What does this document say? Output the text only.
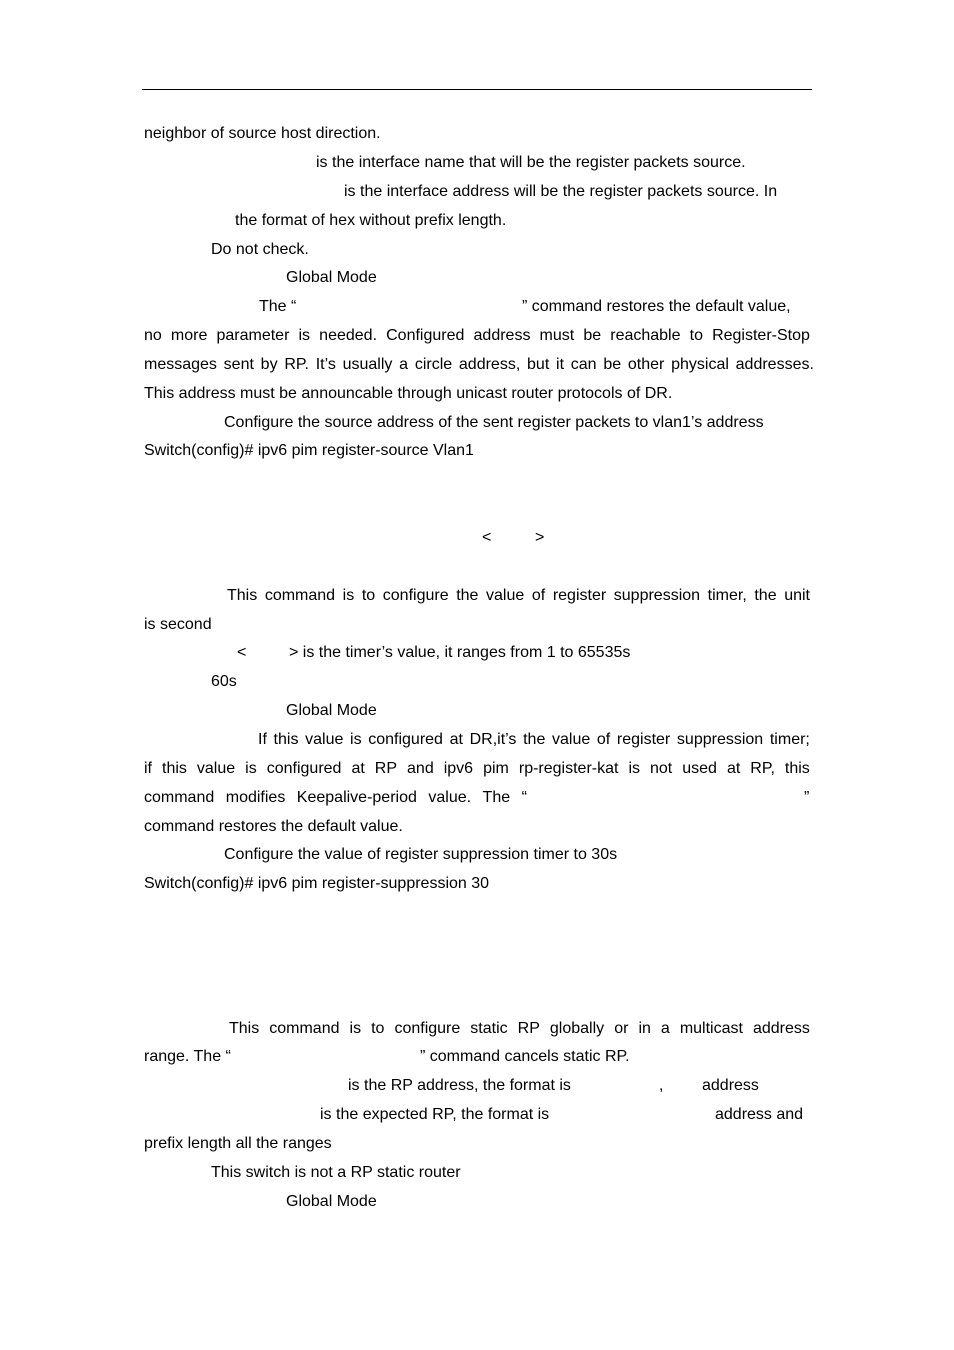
neighbor of source host direction.
is the interface name that will be the register packets source.
is the interface address will be the register packets source. In
the format of hex without prefix length.
Do not check.
Global Mode
The “	” command restores the default value,
no more parameter is needed. Configured address must be reachable to Register-Stop
messages sent by RP. It’s usually a circle address, but it can be other physical addresses.
This address must be announcable through unicast router protocols of DR.
Configure the source address of the sent register packets to vlan1’s address
Switch(config)# ipv6 pim register-source Vlan1
<	>
This command is to configure the value of register suppression timer, the unit
is second
<	> is the timer’s value, it ranges from 1 to 65535s
60s
Global Mode
If this value is configured at DR,it’s the value of register suppression timer;
if this value is configured at RP and ipv6 pim rp-register-kat is not used at RP, this
command modifies Keepalive-period value. The “	”
command restores the default value.
Configure the value of register suppression timer to 30s
Switch(config)# ipv6 pim register-suppression 30
This command is to configure static RP globally or in a multicast address
range. The “	” command cancels static RP.
is the RP address, the format is	, address
is the expected RP, the format is	address and
prefix length all the ranges
This switch is not a RP static router
Global Mode
